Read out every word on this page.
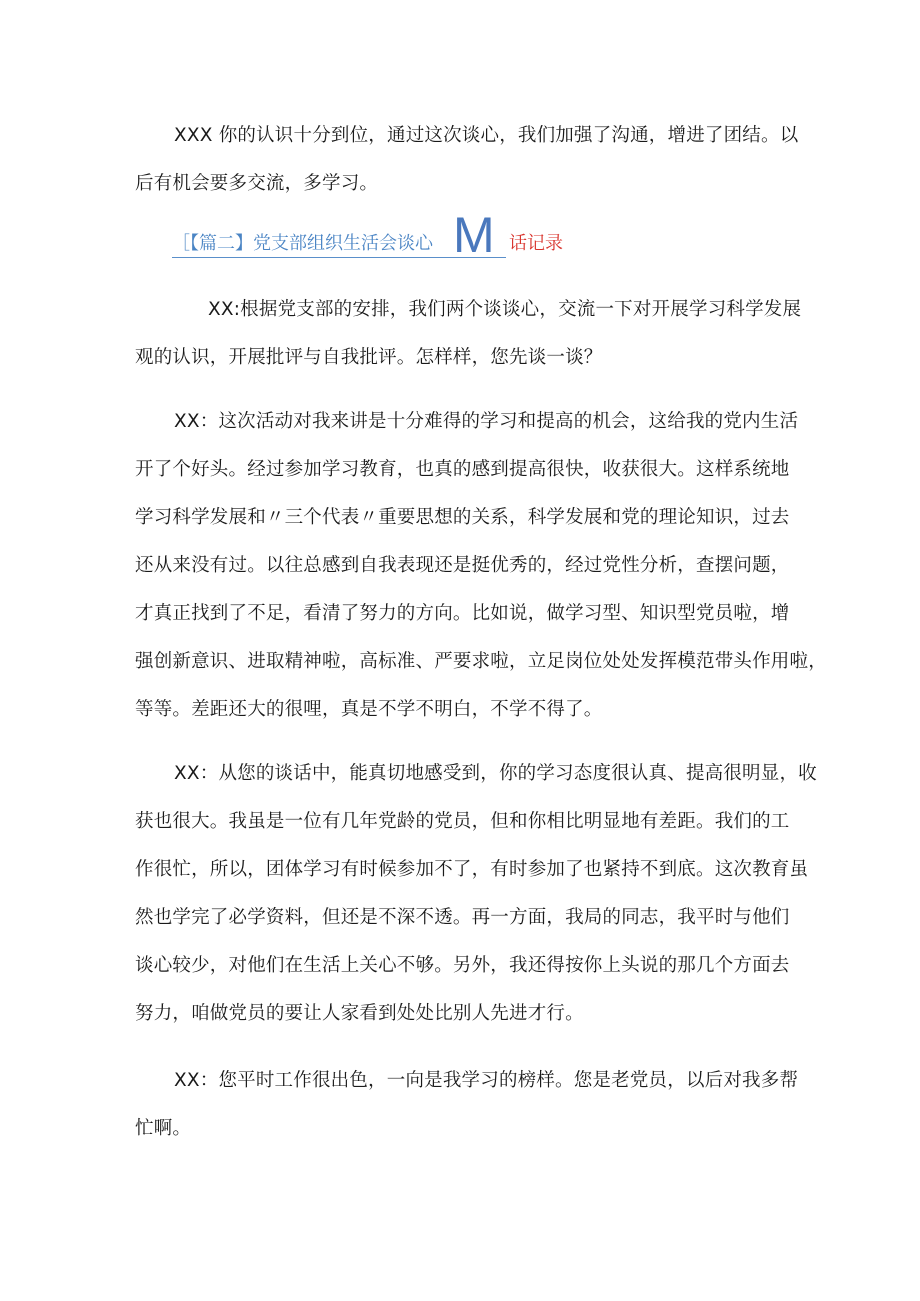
XXX 你的认识十分到位，通过这次谈心，我们加强了沟通，增进了团结。以
后有机会要多交流，多学习。
［【篇二】党支部组织生活会谈心 M 话记录
XX:根据党支部的安排，我们两个谈谈心，交流一下对开展学习科学发展
观的认识，开展批评与自我批评。怎样样，您先谈一谈？
XX：这次活动对我来讲是十分难得的学习和提高的机会，这给我的党内生活
开了个好头。经过参加学习教育，也真的感到提高很快，收获很大。这样系统地
学习科学发展和〃三个代表〃重要思想的关系，科学发展和党的理论知识，过去
还从来没有过。以往总感到自我表现还是挺优秀的，经过党性分析，查摆问题，
才真正找到了不足，看清了努力的方向。比如说，做学习型、知识型党员啦，增
强创新意识、进取精神啦，高标准、严要求啦，立足岗位处处发挥模范带头作用啦，
等等。差距还大的很哩，真是不学不明白，不学不得了。
XX：从您的谈话中，能真切地感受到，你的学习态度很认真、提高很明显，收
获也很大。我虽是一位有几年党龄的党员，但和你相比明显地有差距。我们的工
作很忙，所以，团体学习有时候参加不了，有时参加了也紧持不到底。这次教育虽
然也学完了必学资料，但还是不深不透。再一方面，我局的同志，我平时与他们
谈心较少，对他们在生活上关心不够。另外，我还得按你上头说的那几个方面去
努力，咱做党员的要让人家看到处处比别人先进才行。
XX：您平时工作很出色，一向是我学习的榜样。您是老党员，以后对我多帮
忙啊。
